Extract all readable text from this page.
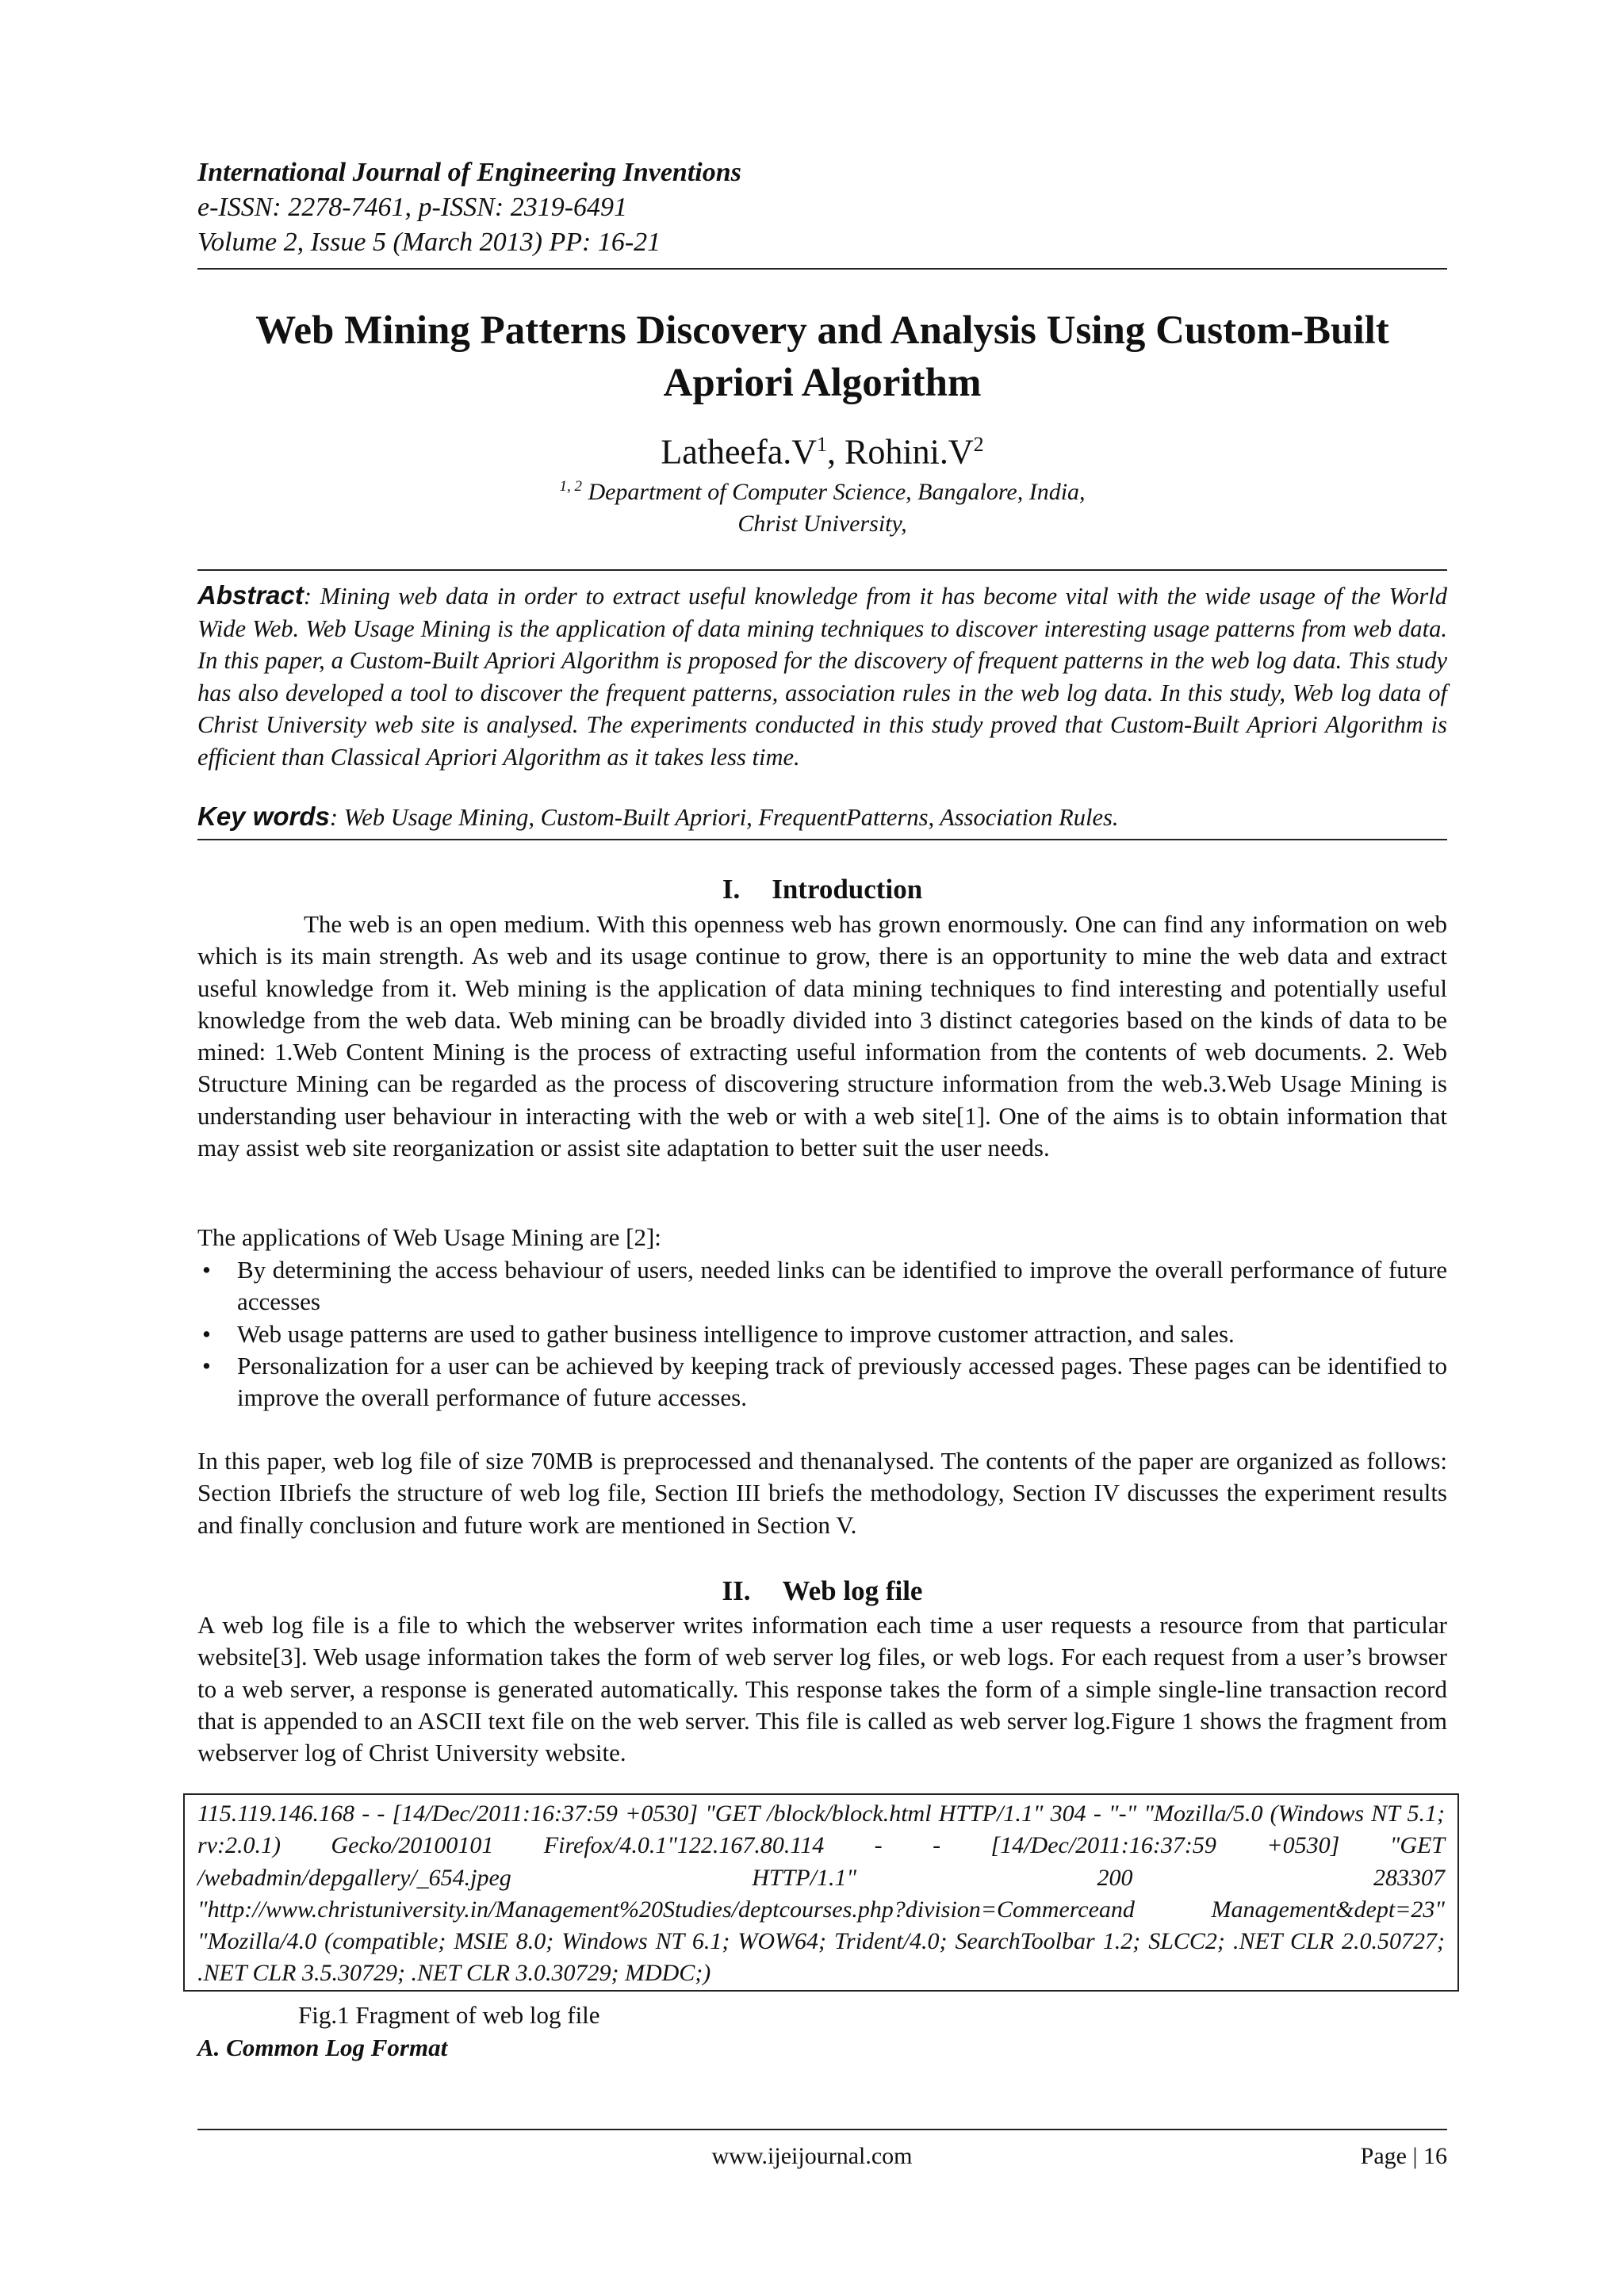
International Journal of Engineering Inventions
e-ISSN: 2278-7461, p-ISSN: 2319-6491
Volume 2, Issue 5 (March 2013) PP: 16-21
Web Mining Patterns Discovery and Analysis Using Custom-Built
Apriori Algorithm
$Latheefa.V^1$, $Rohini.V^2$
$^{1, 2}$ Department of Computer Science, Bangalore, India,
Christ University,
Abstract: Mining web data in order to extract useful knowledge from it has become vital with the wide usage of the World Wide Web. Web Usage Mining is the application of data mining techniques to discover interesting usage patterns from web data. In this paper, a Custom-Built Apriori Algorithm is proposed for the discovery of frequent patterns in the web log data. This study has also developed a tool to discover the frequent patterns, association rules in the web log data. In this study, Web log data of Christ University web site is analysed. The experiments conducted in this study proved that Custom-Built Apriori Algorithm is efficient than Classical Apriori Algorithm as it takes less time.
Key words: Web Usage Mining, Custom-Built Apriori, FrequentPatterns, Association Rules.
I. Introduction
The web is an open medium. With this openness web has grown enormously. One can find any information on web which is its main strength. As web and its usage continue to grow, there is an opportunity to mine the web data and extract useful knowledge from it. Web mining is the application of data mining techniques to find interesting and potentially useful knowledge from the web data. Web mining can be broadly divided into 3 distinct categories based on the kinds of data to be mined: 1.Web Content Mining is the process of extracting useful information from the contents of web documents. 2. Web Structure Mining can be regarded as the process of discovering structure information from the web.3.Web Usage Mining is understanding user behaviour in interacting with the web or with a web site[1]. One of the aims is to obtain information that may assist web site reorganization or assist site adaptation to better suit the user needs.
The applications of Web Usage Mining are [2]:
• By determining the access behaviour of users, needed links can be identified to improve the overall performance of future accesses
• Web usage patterns are used to gather business intelligence to improve customer attraction, and sales.
• Personalization for a user can be achieved by keeping track of previously accessed pages. These pages can be identified to improve the overall performance of future accesses.
In this paper, web log file of size 70MB is preprocessed and thenanalysed. The contents of the paper are organized as follows: Section IIbriefs the structure of web log file, Section III briefs the methodology, Section IV discusses the experiment results and finally conclusion and future work are mentioned in Section V.
II. Web log file
A web log file is a file to which the webserver writes information each time a user requests a resource from that particular website[3]. Web usage information takes the form of web server log files, or web logs. For each request from a user’s browser to a web server, a response is generated automatically. This response takes the form of a simple single-line transaction record that is appended to an ASCII text file on the web server. This file is called as web server log.Figure 1 shows the fragment from webserver log of Christ University website.
115.119.146.168 - - [14/Dec/2011:16:37:59 +0530] "GET /block/block.html HTTP/1.1" 304 - "-" "Mozilla/5.0 (Windows NT 5.1; rv:2.0.1) Gecko/20100101 Firefox/4.0.1"122.167.80.114 - - [14/Dec/2011:16:37:59 +0530] "GET /webadmin/depgallery/_654.jpeg HTTP/1.1" 200 283307 "http://www.christuniversity.in/Management%20Studies/deptcourses.php?division=Commerceand Management&dept=23" "Mozilla/4.0 (compatible; MSIE 8.0; Windows NT 6.1; WOW64; Trident/4.0; SearchToolbar 1.2; SLCC2; .NET CLR 2.0.50727; .NET CLR 3.5.30729; .NET CLR 3.0.30729; MDDC;)
Fig.1 Fragment of web log file
A. Common Log Format
www.ijeijournal.com	Page | 16
